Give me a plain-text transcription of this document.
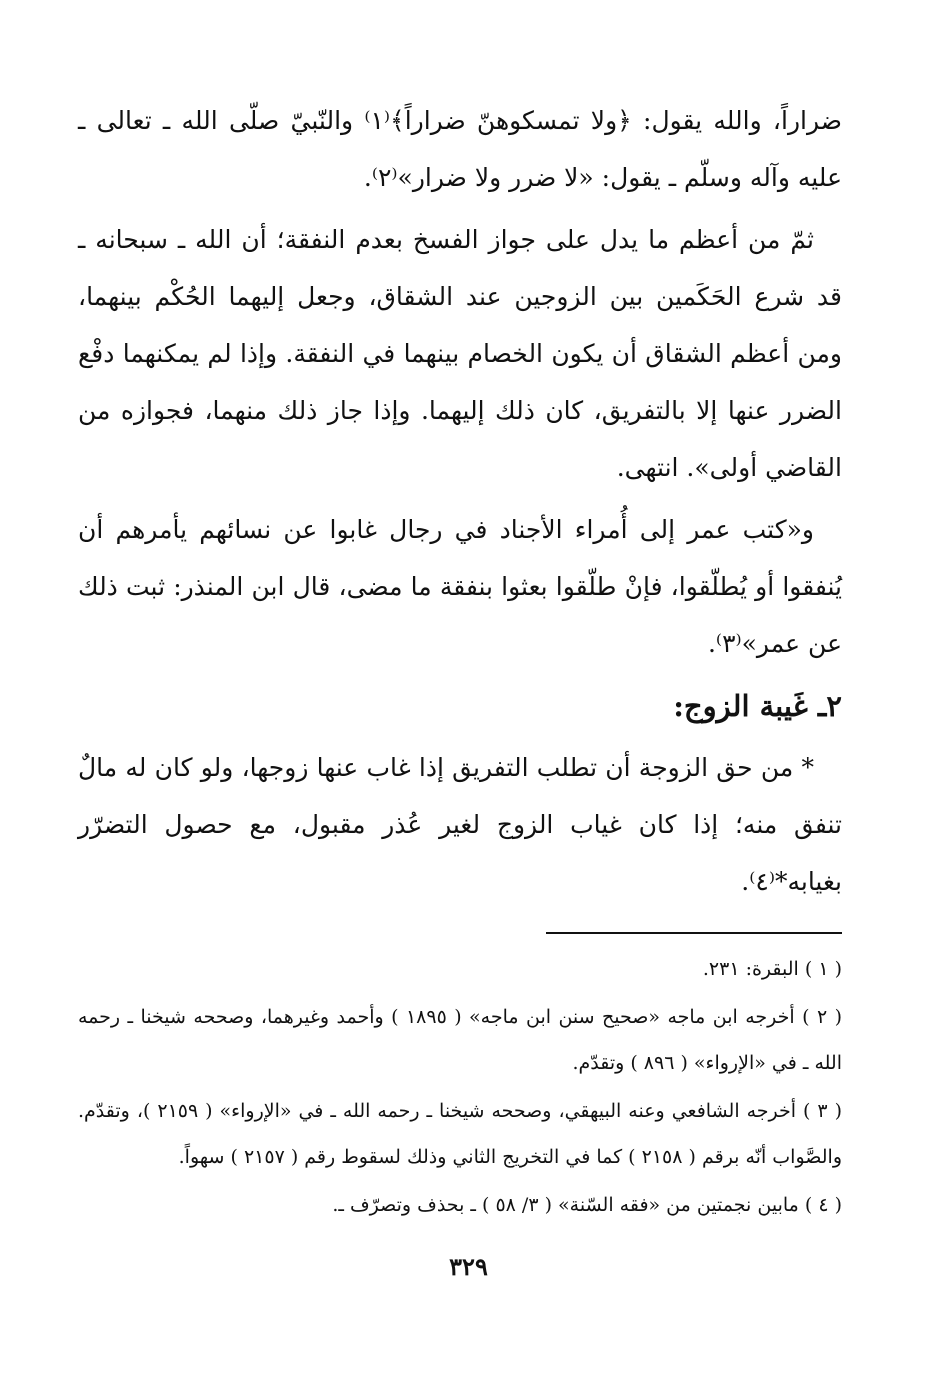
ضراراً، والله يقول: ﴿ولا تمسكوهنّ ضراراً﴾⁽١⁾ والنّبيّ صلّى الله ـ تعالى ـ عليه وآله وسلّم ـ يقول: «لا ضرر ولا ضرار»⁽٢⁾.

ثمّ من أعظم ما يدل على جواز الفسخ بعدم النفقة؛ أن الله ـ سبحانه ـ قد شرع الحَكَمين بين الزوجين عند الشقاق، وجعل إليهما الحُكْم بينهما، ومن أعظم الشقاق أن يكون الخصام بينهما في النفقة. وإذا لم يمكنهما دفْع الضرر عنها إلا بالتفريق، كان ذلك إليهما. وإذا جاز ذلك منهما، فجوازه من القاضي أولى». انتهى.

و«كتب عمر إلى أُمراء الأجناد في رجال غابوا عن نسائهم يأمرهم أن يُنفقوا أو يُطلّقوا، فإنْ طلّقوا بعثوا بنفقة ما مضى، قال ابن المنذر: ثبت ذلك عن عمر»⁽٣⁾.

٢ـ غَيبة الزوج:

* من حق الزوجة أن تطلب التفريق إذا غاب عنها زوجها، ولو كان له مالٌ تنفق منه؛ إذا كان غياب الزوج لغير عُذر مقبول، مع حصول التضرّر بغيابه*⁽٤⁾.

( ١ ) البقرة: ٢٣١.

( ٢ ) أخرجه ابن ماجه «صحيح سنن ابن ماجه» ( ١٨٩٥ ) وأحمد وغيرهما، وصححه شيخنا ـ رحمه الله ـ في «الإرواء» ( ٨٩٦ ) وتقدّم.

( ٣ ) أخرجه الشافعي وعنه البيهقي، وصححه شيخنا ـ رحمه الله ـ في «الإرواء» ( ٢١٥٩ )، وتقدّم. والصَّواب أنّه برقم ( ٢١٥٨ ) كما في التخريج الثاني وذلك لسقوط رقم ( ٢١٥٧ ) سهواً.

( ٤ ) مابين نجمتين من «فقه السّنة» ( ٣/ ٥٨ ) ـ بحذف وتصرّف ـ.

٣٢٩
